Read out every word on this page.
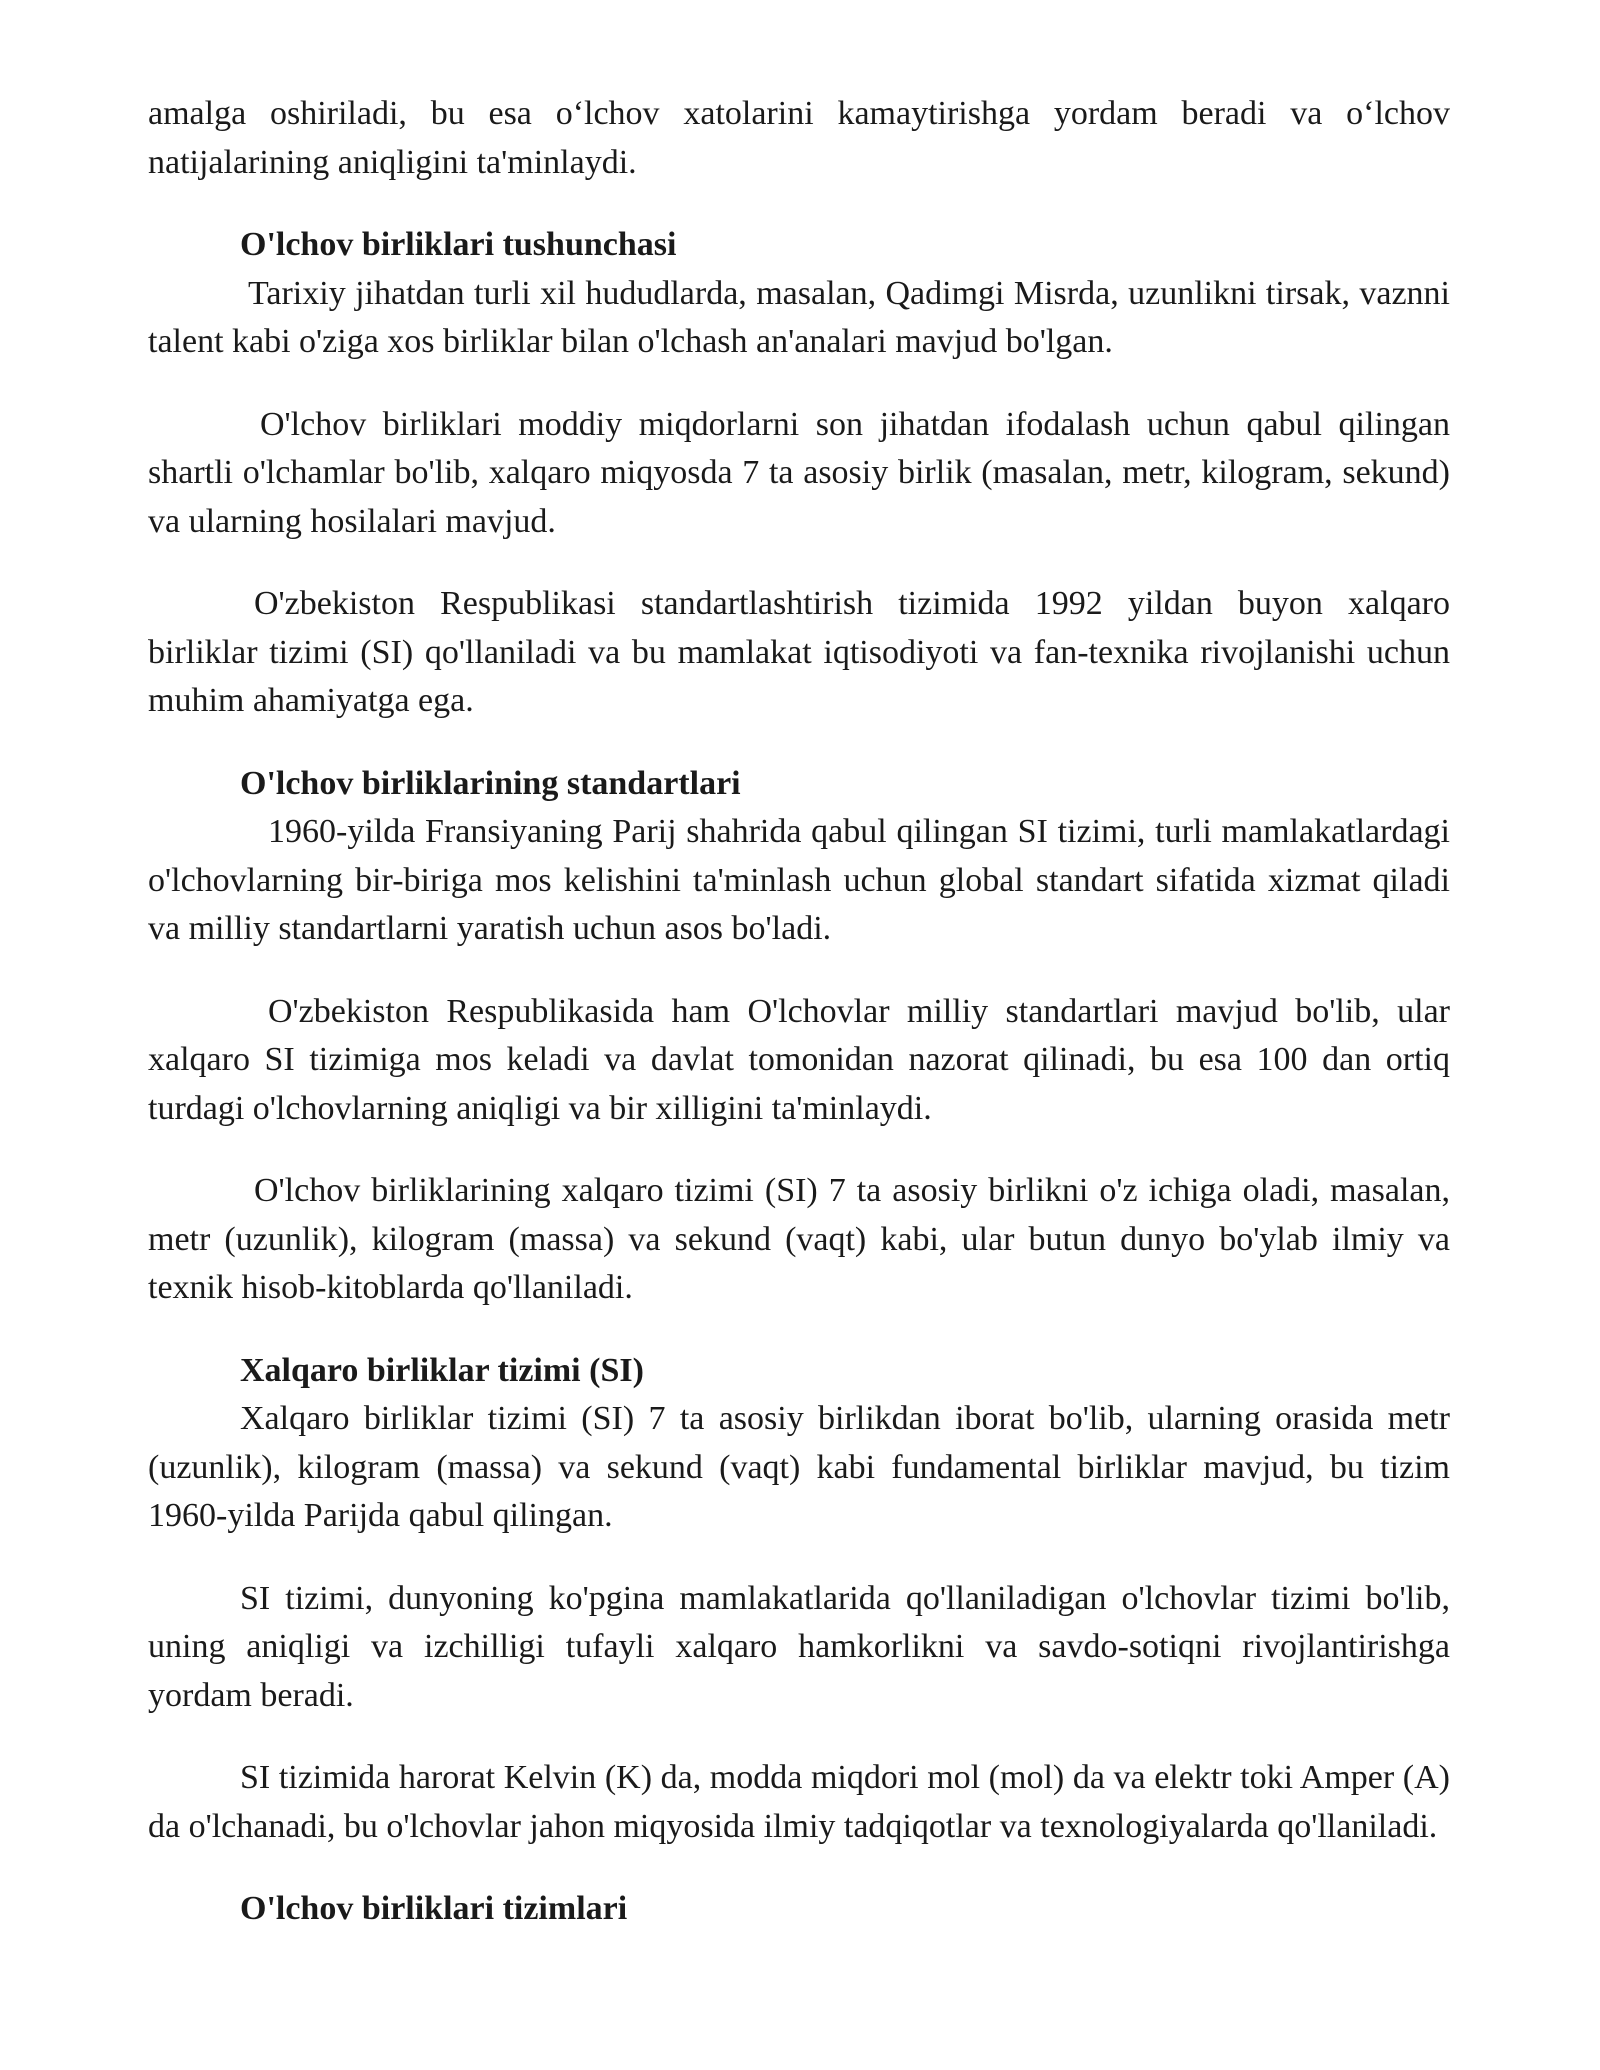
amalga oshiriladi, bu esa o‘lchov xatolarini kamaytirishga yordam beradi va o‘lchov natijalarining aniqligini ta'minlaydi.

O'lchov birliklari tushunchasi

Tarixiy jihatdan turli xil hududlarda, masalan, Qadimgi Misrda, uzunlikni tirsak, vaznni talent kabi o'ziga xos birliklar bilan o'lchash an'analari mavjud bo'lgan.

O'lchov birliklari moddiy miqdorlarni son jihatdan ifodalash uchun qabul qilingan shartli o'lchamlar bo'lib, xalqaro miqyosda 7 ta asosiy birlik (masalan, metr, kilogram, sekund) va ularning hosilalari mavjud.

O'zbekiston Respublikasi standartlashtirish tizimida 1992 yildan buyon xalqaro birliklar tizimi (SI) qo'llaniladi va bu mamlakat iqtisodiyoti va fan-texnika rivojlanishi uchun muhim ahamiyatga ega.

O'lchov birliklarining standartlari

1960-yilda Fransiyaning Parij shahrida qabul qilingan SI tizimi, turli mamlakatlardagi o'lchovlarning bir-biriga mos kelishini ta'minlash uchun global standart sifatida xizmat qiladi va milliy standartlarni yaratish uchun asos bo'ladi.

O'zbekiston Respublikasida ham O'lchovlar milliy standartlari mavjud bo'lib, ular xalqaro SI tizimiga mos keladi va davlat tomonidan nazorat qilinadi, bu esa 100 dan ortiq turdagi o'lchovlarning aniqligi va bir xilligini ta'minlaydi.

O'lchov birliklarining xalqaro tizimi (SI) 7 ta asosiy birlikni o'z ichiga oladi, masalan, metr (uzunlik), kilogram (massa) va sekund (vaqt) kabi, ular butun dunyo bo'ylab ilmiy va texnik hisob-kitoblarda qo'llaniladi.

Xalqaro birliklar tizimi (SI)

Xalqaro birliklar tizimi (SI) 7 ta asosiy birlikdan iborat bo'lib, ularning orasida metr (uzunlik), kilogram (massa) va sekund (vaqt) kabi fundamental birliklar mavjud, bu tizim 1960-yilda Parijda qabul qilingan.

SI tizimi, dunyoning ko'pgina mamlakatlarida qo'llaniladigan o'lchovlar tizimi bo'lib, uning aniqligi va izchilligi tufayli xalqaro hamkorlikni va savdo-sotiqni rivojlantirishga yordam beradi.

SI tizimida harorat Kelvin (K) da, modda miqdori mol (mol) da va elektr toki Amper (A) da o'lchanadi, bu o'lchovlar jahon miqyosida ilmiy tadqiqotlar va texnologiyalarda qo'llaniladi.

O'lchov birliklari tizimlari
